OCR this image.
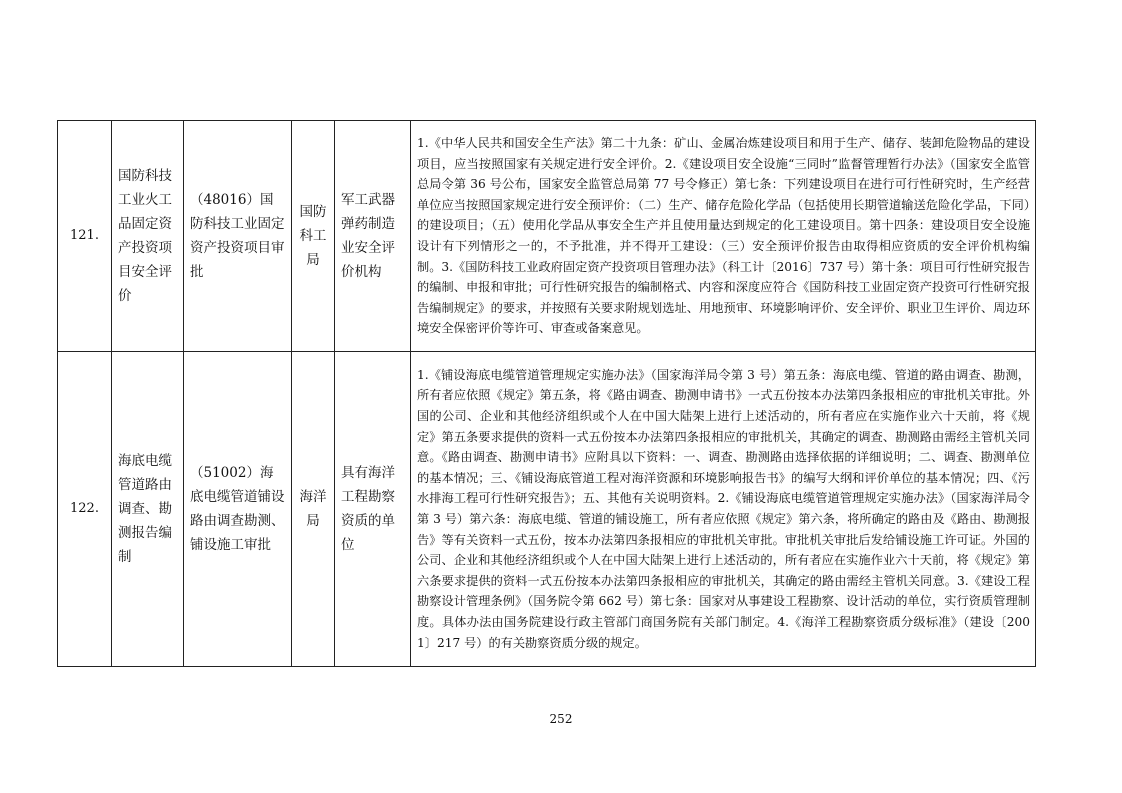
121.	国防科技工业火工品固定资产投资项目安全评价	（48016）国防科技工业固定资产投资项目审批	国防科工局	军工武器弹药制造业安全评价机构	1.《中华人民共和国安全生产法》第二十九条：矿山、金属冶炼建设项目和用于生产、储存、装卸危险物品的建设项目，应当按照国家有关规定进行安全评价。2.《建设项目安全设施“三同时”监督管理暂行办法》（国家安全监管总局令第 36 号公布，国家安全监管总局第 77 号令修正）第七条：下列建设项目在进行可行性研究时，生产经营单位应当按照国家规定进行安全预评价：（二）生产、储存危险化学品（包括使用长期管道输送危险化学品，下同）的建设项目；（五）使用化学品从事安全生产并且使用量达到规定的化工建设项目。第十四条：建设项目安全设施设计有下列情形之一的，不予批准，并不得开工建设：（三）安全预评价报告由取得相应资质的安全评价机构编制。3.《国防科技工业政府固定资产投资项目管理办法》（科工计〔2016〕737 号）第十条：项目可行性研究报告的编制、申报和审批；可行性研究报告的编制格式、内容和深度应符合《国防科技工业固定资产投资可行性研究报告编制规定》的要求，并按照有关要求附规划选址、用地预审、环境影响评价、安全评价、职业卫生评价、周边环境安全保密评价等许可、审查或备案意见。
122.	海底电缆管道路由调查、勘测报告编制	（51002）海底电缆管道铺设路由调查勘测、铺设施工审批	海洋局	具有海洋工程勘察资质的单位	1.《铺设海底电缆管道管理规定实施办法》（国家海洋局令第 3 号）第五条：海底电缆、管道的路由调查、勘测，所有者应依照《规定》第五条，将《路由调查、勘测申请书》一式五份按本办法第四条报相应的审批机关审批。外国的公司、企业和其他经济组织或个人在中国大陆架上进行上述活动的，所有者应在实施作业六十天前，将《规定》第五条要求提供的资料一式五份按本办法第四条报相应的审批机关，其确定的调查、勘测路由需经主管机关同意。《路由调查、勘测申请书》应附具以下资料：一、调查、勘测路由选择依据的详细说明；二、调查、勘测单位的基本情况；三、《铺设海底管道工程对海洋资源和环境影响报告书》的编写大纲和评价单位的基本情况；四、《污水排海工程可行性研究报告》；五、其他有关说明资料。2.《铺设海底电缆管道管理规定实施办法》（国家海洋局令第 3 号）第六条：海底电缆、管道的铺设施工，所有者应依照《规定》第六条，将所确定的路由及《路由、勘测报告》等有关资料一式五份，按本办法第四条报相应的审批机关审批。审批机关审批后发给铺设施工许可证。外国的公司、企业和其他经济组织或个人在中国大陆架上进行上述活动的，所有者应在实施作业六十天前，将《规定》第六条要求提供的资料一式五份按本办法第四条报相应的审批机关，其确定的路由需经主管机关同意。3.《建设工程勘察设计管理条例》（国务院令第 662 号）第七条：国家对从事建设工程勘察、设计活动的单位，实行资质管理制度。具体办法由国务院建设行政主管部门商国务院有关部门制定。4.《海洋工程勘察资质分级标准》（建设〔2001〕217 号）的有关勘察资质分级的规定。
252
